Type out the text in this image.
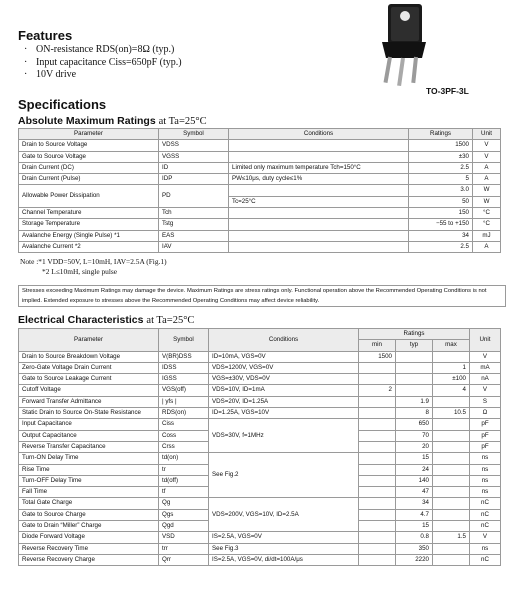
Features
· ON-resistance RDS(on)=8Ω (typ.)
· Input capacitance Ciss=650pF (typ.)
· 10V drive
TO-3PF-3L
Specifications
Absolute Maximum Ratings at Ta=25°C
Parameter	Symbol	Conditions	Ratings	Unit
Drain to Source Voltage	VDSS		1500	V
Gate to Source Voltage	VGSS		±30	V
Drain Current (DC)	ID	Limited only maximum temperature Tch=150°C	2.5	A
Drain Current (Pulse)	IDP	PW≤10μs, duty cycle≤1%	5	A
Allowable Power Dissipation	PD		3.0	W
		Tc=25°C	50	W
Channel Temperature	Tch		150	°C
Storage Temperature	Tstg		−55 to +150	°C
Avalanche Energy (Single Pulse) *1	EAS		34	mJ
Avalanche Current *2	IAV		2.5	A
Note :*1 VDD=50V, L=10mH, IAV=2.5A (Fig.1)
*2 L≤10mH, single pulse
Stresses exceeding Maximum Ratings may damage the device. Maximum Ratings are stress ratings only. Functional operation above the Recommended Operating Conditions is not implied. Extended exposure to stresses above the Recommended Operating Conditions may affect device reliability.
Electrical Characteristics at Ta=25°C
Parameter	Symbol	Conditions	Ratings			Unit
			min	typ	max	
Drain to Source Breakdown Voltage	V(BR)DSS	ID=10mA, VGS=0V	1500			V
Zero-Gate Voltage Drain Current	IDSS	VDS=1200V, VGS=0V			1	mA
Gate to Source Leakage Current	IGSS	VGS=±30V, VDS=0V			±100	nA
Cutoff Voltage	VGS(off)	VDS=10V, ID=1mA	2		4	V
Forward Transfer Admittance	| yfs |	VDS=20V, ID=1.25A		1.9		S
Static Drain to Source On-State Resistance	RDS(on)	ID=1.25A, VGS=10V		8	10.5	Ω
Input Capacitance	Ciss	VDS=30V, f=1MHz		650		pF
Output Capacitance	Coss			70		pF
Reverse Transfer Capacitance	Crss			20		pF
Turn-ON Delay Time	td(on)	See Fig.2		15		ns
Rise Time	tr			24		ns
Turn-OFF Delay Time	td(off)			140		ns
Fall Time	tf			47		ns
Total Gate Charge	Qg	VDS=200V, VGS=10V, ID=2.5A		34		nC
Gate to Source Charge	Qgs			4.7		nC
Gate to Drain “Miller” Charge	Qgd			15		nC
Diode Forward Voltage	VSD	IS=2.5A, VGS=0V		0.8	1.5	V
Reverse Recovery Time	trr	See Fig.3		350		ns
Reverse Recovery Charge	Qrr	IS=2.5A, VGS=0V, di/dt=100A/μs		2220		nC
